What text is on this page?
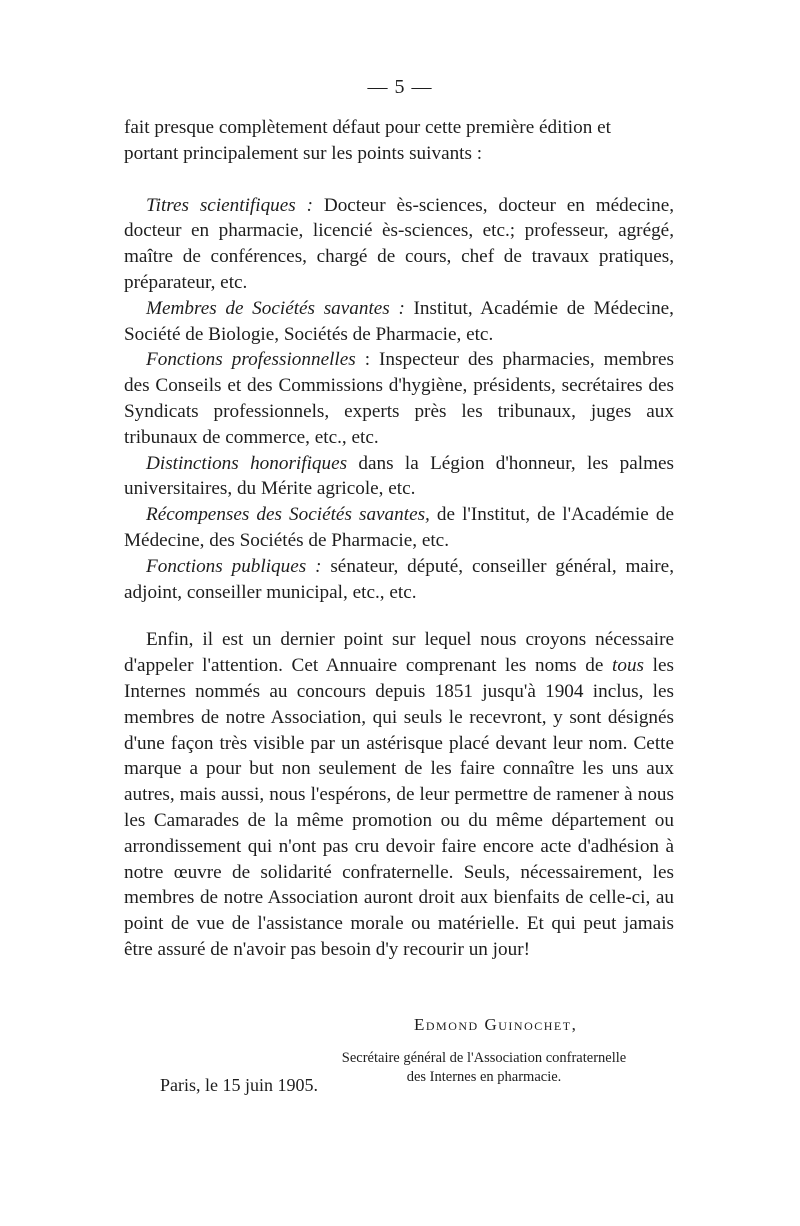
— 5 —

fait presque complètement défaut pour cette première édition et
portant principalement sur les points suivants :

Titres scientifiques : Docteur ès-sciences, docteur en médecine, docteur en pharmacie, licencié ès-sciences, etc.; professeur, agrégé, maître de conférences, chargé de cours, chef de travaux pratiques, préparateur, etc.

Membres de Sociétés savantes : Institut, Académie de Médecine, Société de Biologie, Sociétés de Pharmacie, etc.

Fonctions professionnelles : Inspecteur des pharmacies, membres des Conseils et des Commissions d'hygiène, présidents, secrétaires des Syndicats professionnels, experts près les tribunaux, juges aux tribunaux de commerce, etc., etc.

Distinctions honorifiques dans la Légion d'honneur, les palmes universitaires, du Mérite agricole, etc.

Récompenses des Sociétés savantes, de l'Institut, de l'Académie de Médecine, des Sociétés de Pharmacie, etc.

Fonctions publiques : sénateur, député, conseiller général, maire, adjoint, conseiller municipal, etc., etc.

Enfin, il est un dernier point sur lequel nous croyons nécessaire d'appeler l'attention. Cet Annuaire comprenant les noms de tous les Internes nommés au concours depuis 1851 jusqu'à 1904 inclus, les membres de notre Association, qui seuls le recevront, y sont désignés d'une façon très visible par un astérisque placé devant leur nom. Cette marque a pour but non seulement de les faire connaître les uns aux autres, mais aussi, nous l'espérons, de leur permettre de ramener à nous les Camarades de la même promotion ou du même département ou arrondissement qui n'ont pas cru devoir faire encore acte d'adhésion à notre œuvre de solidarité confraternelle. Seuls, nécessairement, les membres de notre Association auront droit aux bienfaits de celle-ci, au point de vue de l'assistance morale ou matérielle. Et qui peut jamais être assuré de n'avoir pas besoin d'y recourir un jour!

Edmond Guinochet,
Secrétaire général de l'Association confraternelle
des Internes en pharmacie.
Paris, le 15 juin 1905.
